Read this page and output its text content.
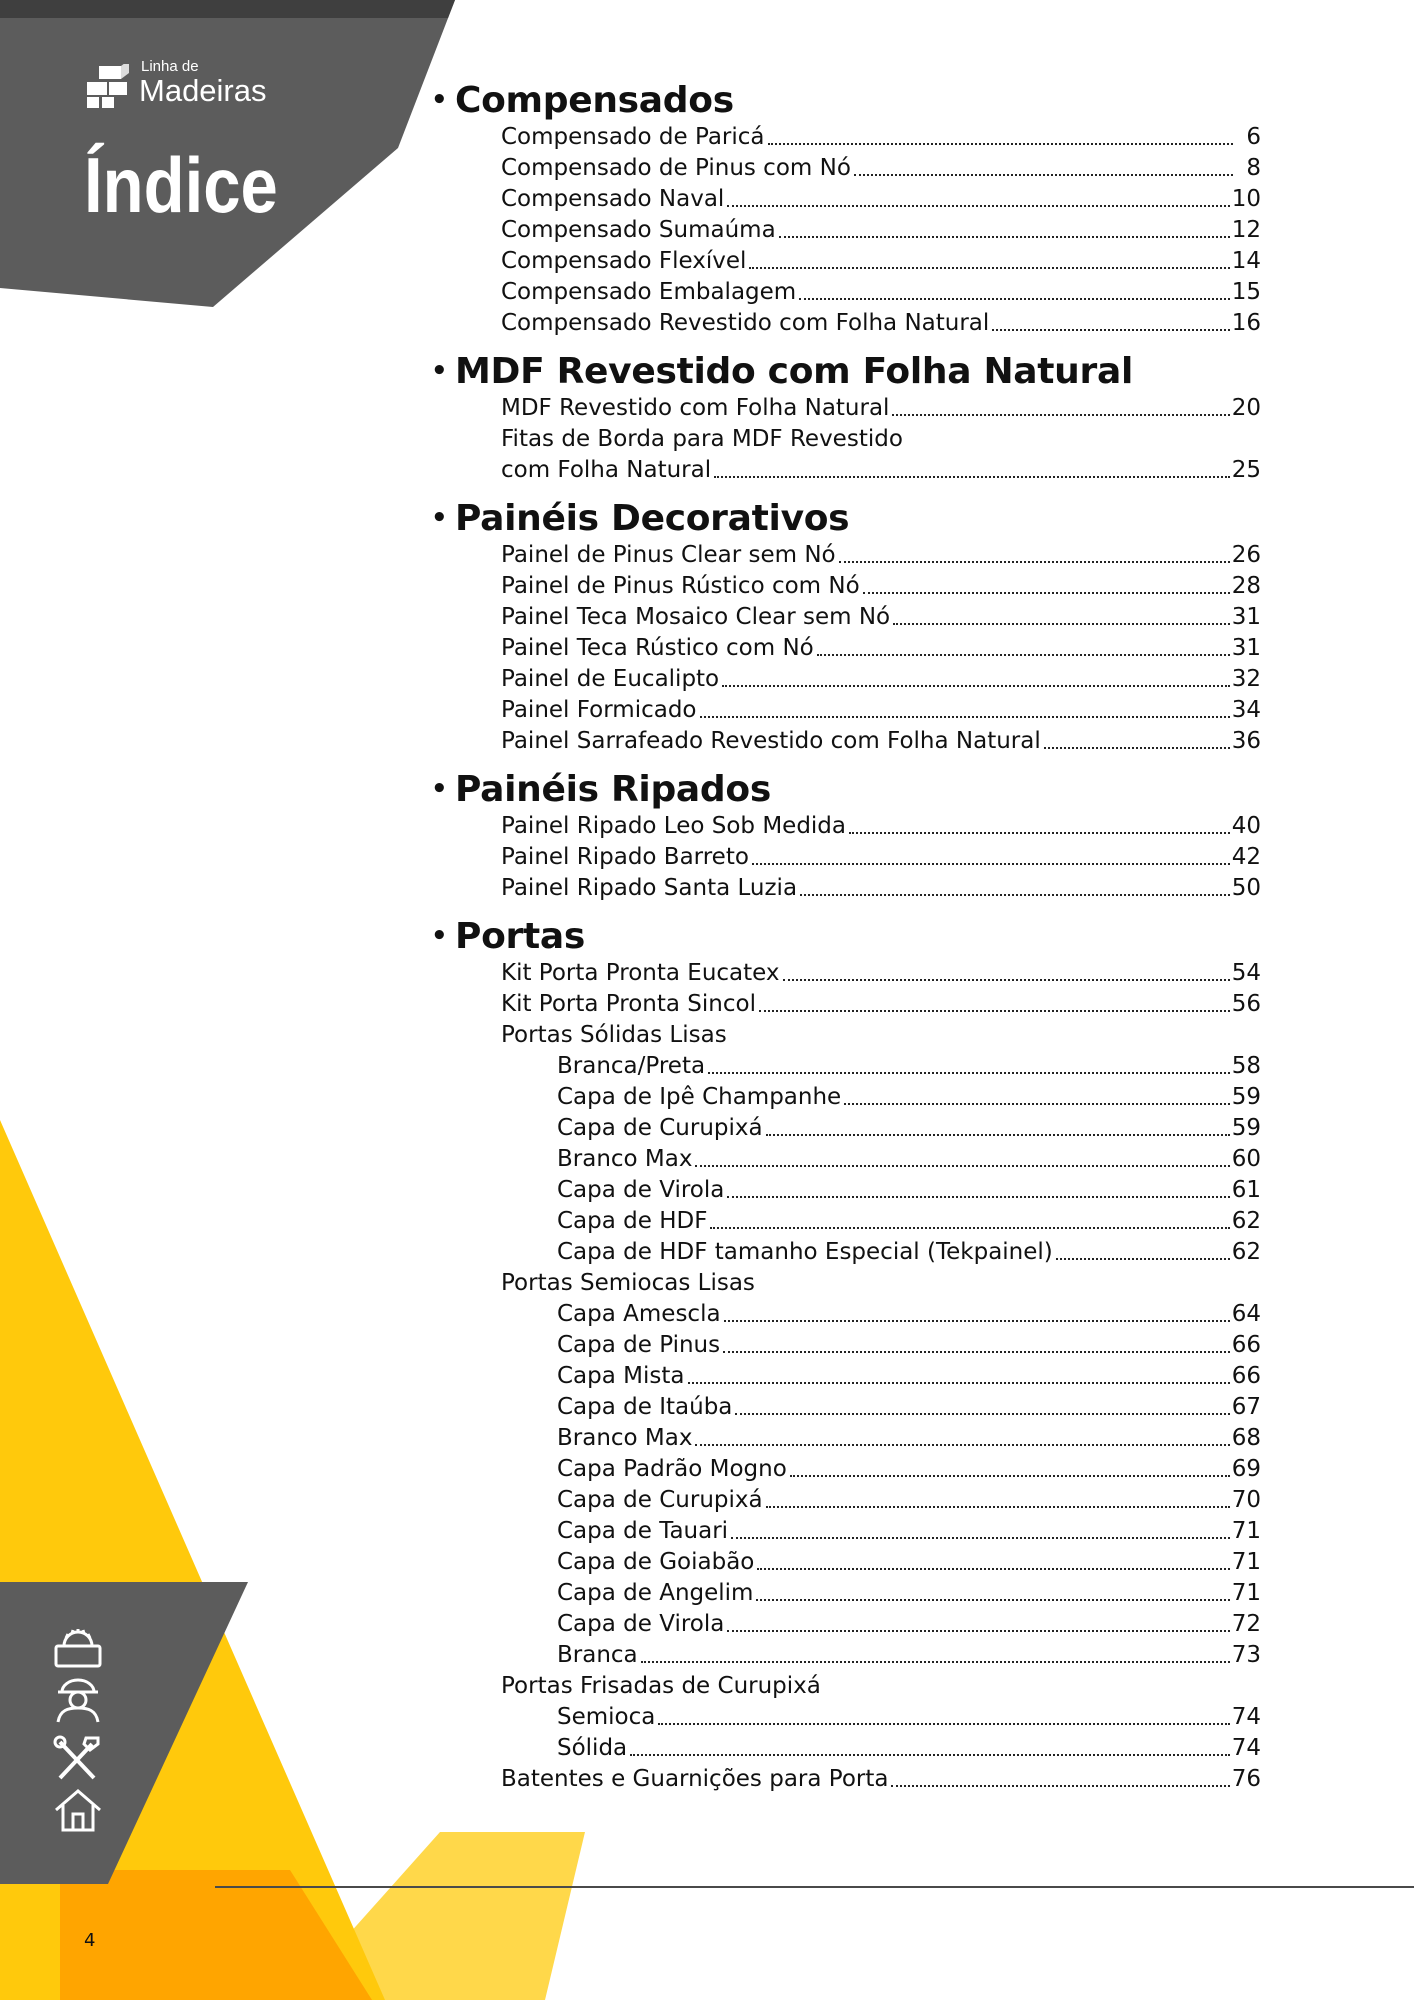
Linha de
Madeiras
Índice
• Compensados
Compensado de Paricá	6
Compensado de Pinus com Nó	8
Compensado Naval	10
Compensado Sumaúma	12
Compensado Flexível	14
Compensado Embalagem	15
Compensado Revestido com Folha Natural	16
• MDF Revestido com Folha Natural
MDF Revestido com Folha Natural	20
Fitas de Borda para MDF Revestido
com Folha Natural	25
• Painéis Decorativos
Painel de Pinus Clear sem Nó	26
Painel de Pinus Rústico com Nó	28
Painel Teca Mosaico Clear sem Nó	31
Painel Teca Rústico com Nó	31
Painel de Eucalipto	32
Painel Formicado	34
Painel Sarrafeado Revestido com Folha Natural	36
• Painéis Ripados
Painel Ripado Leo Sob Medida	40
Painel Ripado Barreto	42
Painel Ripado Santa Luzia	50
• Portas
Kit Porta Pronta Eucatex	54
Kit Porta Pronta Sincol	56
Portas Sólidas Lisas
Branca/Preta	58
Capa de Ipê Champanhe	59
Capa de Curupixá	59
Branco Max	60
Capa de Virola	61
Capa de HDF	62
Capa de HDF tamanho Especial (Tekpainel)	62
Portas Semiocas Lisas
Capa Amescla	64
Capa de Pinus	66
Capa Mista	66
Capa de Itaúba	67
Branco Max	68
Capa Padrão Mogno	69
Capa de Curupixá	70
Capa de Tauari	71
Capa de Goiabão	71
Capa de Angelim	71
Capa de Virola	72
Branca	73
Portas Frisadas de Curupixá
Semioca	74
Sólida	74
Batentes e Guarnições para Porta	76
4
